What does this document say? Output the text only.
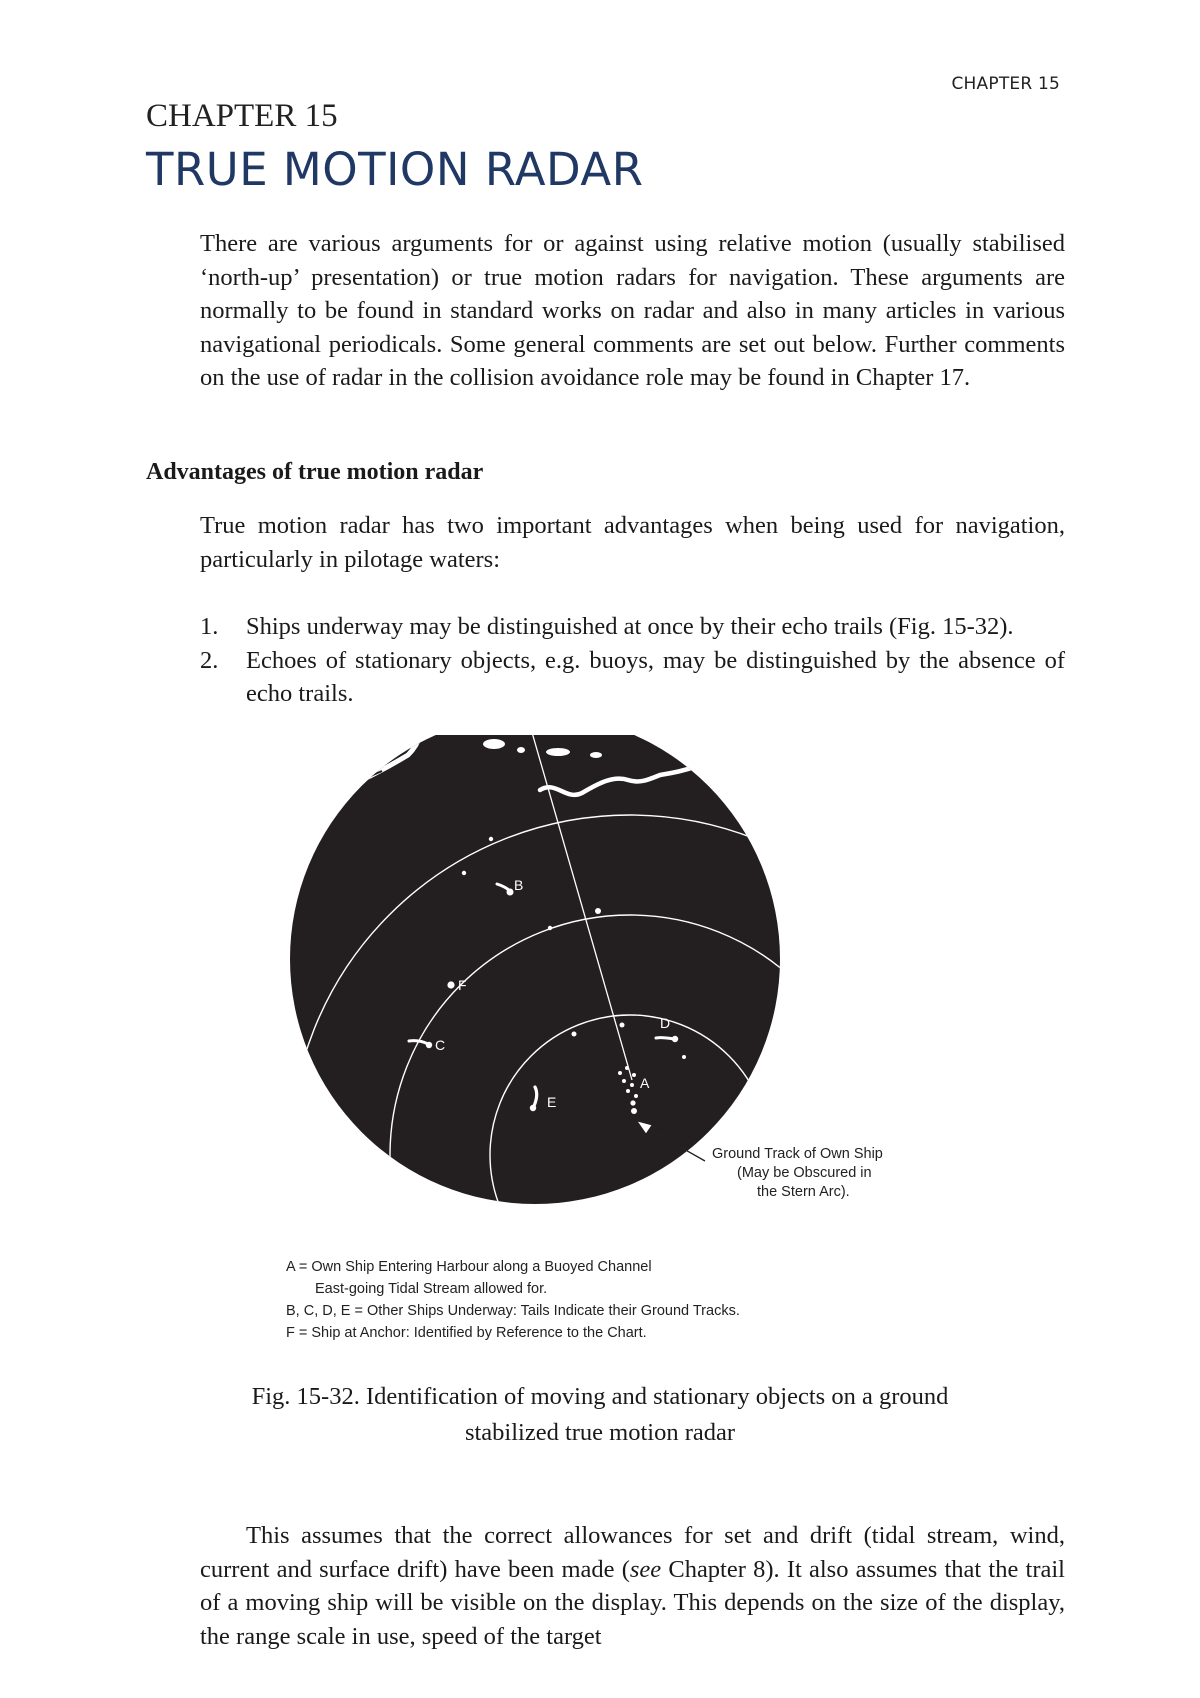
CHAPTER 15
CHAPTER 15
TRUE MOTION RADAR
There are various arguments for or against using relative motion (usually stabilised ‘north-up’ presentation) or true motion radars for navigation. These arguments are normally to be found in standard works on radar and also in many articles in various navigational periodicals. Some general comments are set out below. Further comments on the use of radar in the collision avoidance role may be found in Chapter 17.
Advantages of true motion radar
True motion radar has two important advantages when being used for navigation, particularly in pilotage waters:
1. Ships underway may be distinguished at once by their echo trails (Fig. 15-32).
2. Echoes of stationary objects, e.g. buoys, may be distinguished by the absence of echo trails.
B
F
C
D
E
A
Ground Track of Own Ship
(May be Obscured in
the Stern Arc).
A = Own Ship Entering Harbour along a Buoyed Channel
East-going Tidal Stream allowed for.
B, C, D, E = Other Ships Underway: Tails Indicate their Ground Tracks.
F = Ship at Anchor: Identified by Reference to the Chart.
Fig. 15-32. Identification of moving and stationary objects on a ground
stabilized true motion radar
This assumes that the correct allowances for set and drift (tidal stream, wind, current and surface drift) have been made (see Chapter 8). It also assumes that the trail of a moving ship will be visible on the display. This depends on the size of the display, the range scale in use, speed of the target
